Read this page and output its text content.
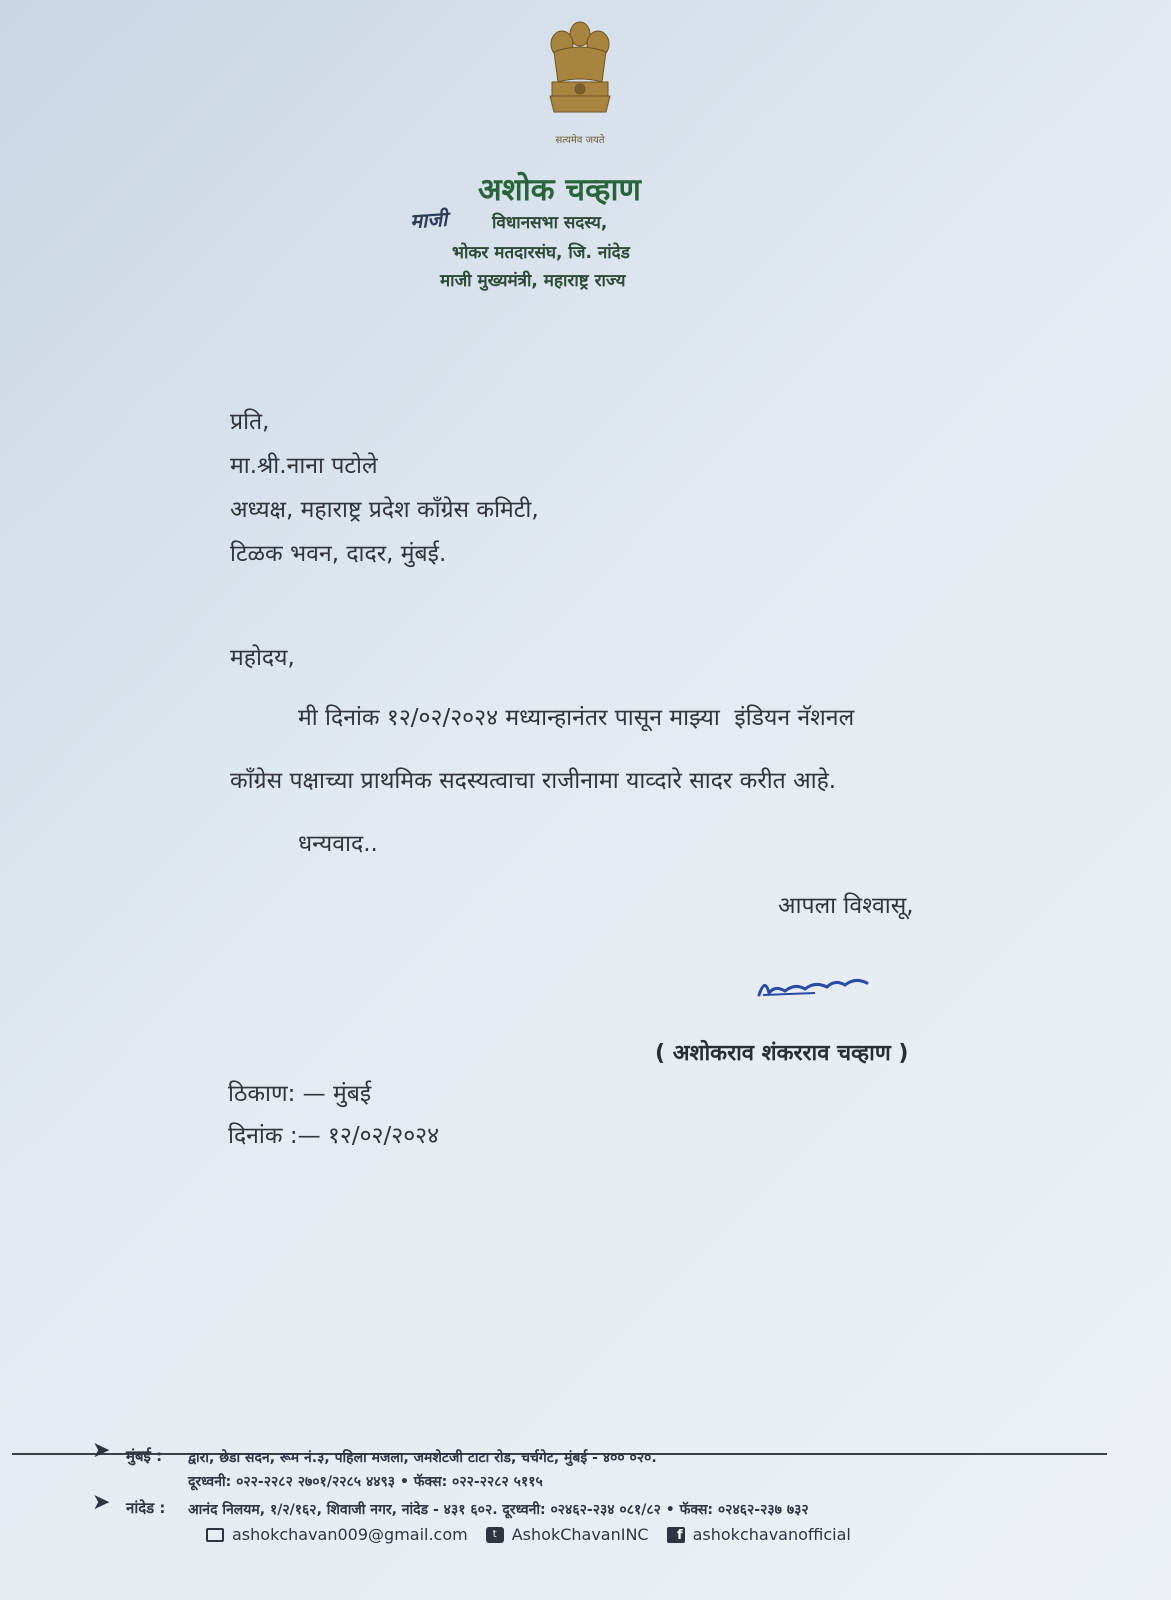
सत्यमेव जयते
अशोक चव्हाण
माजी	विधानसभा सदस्य,
भोकर मतदारसंघ, जि. नांदेड
माजी मुख्यमंत्री, महाराष्ट्र राज्य
प्रति,
मा.श्री.नाना पटोले
अध्यक्ष, महाराष्ट्र प्रदेश कॉंग्रेस कमिटी,
टिळक भवन, दादर, मुंबई.
महोदय,
मी दिनांक १२/०२/२०२४ मध्यान्हानंतर पासून माझ्या  इंडियन नॅशनल
कॉंग्रेस पक्षाच्या प्राथमिक सदस्यत्वाचा राजीनामा याव्दारे सादर करीत आहे.
धन्यवाद..
आपला विश्वासू,
( अशोकराव शंकरराव चव्हाण )
ठिकाण: — मुंबई
दिनांक :— १२/०२/२०२४
➤ मुंबई : द्वारा, छेडा सदन, रूम नं.३, पहिला मजला, जमशेटजी टाटा रोड, चर्चगेट, मुंबई - ४०० ०२०.
दूरध्वनी: ०२२-२२८२ २७०१/२२८५ ४४९३ • फॅक्स: ०२२-२२८२ ५११५
➤ नांदेड : आनंद निलयम, १/२/१६२, शिवाजी नगर, नांदेड - ४३१ ६०२. दूरध्वनी: ०२४६२-२३४ ०८१/८२ • फॅक्स: ०२४६२-२३७ ७३२
ashokchavan009@gmail.com	t AshokChavanINC	f ashokchavanofficial
